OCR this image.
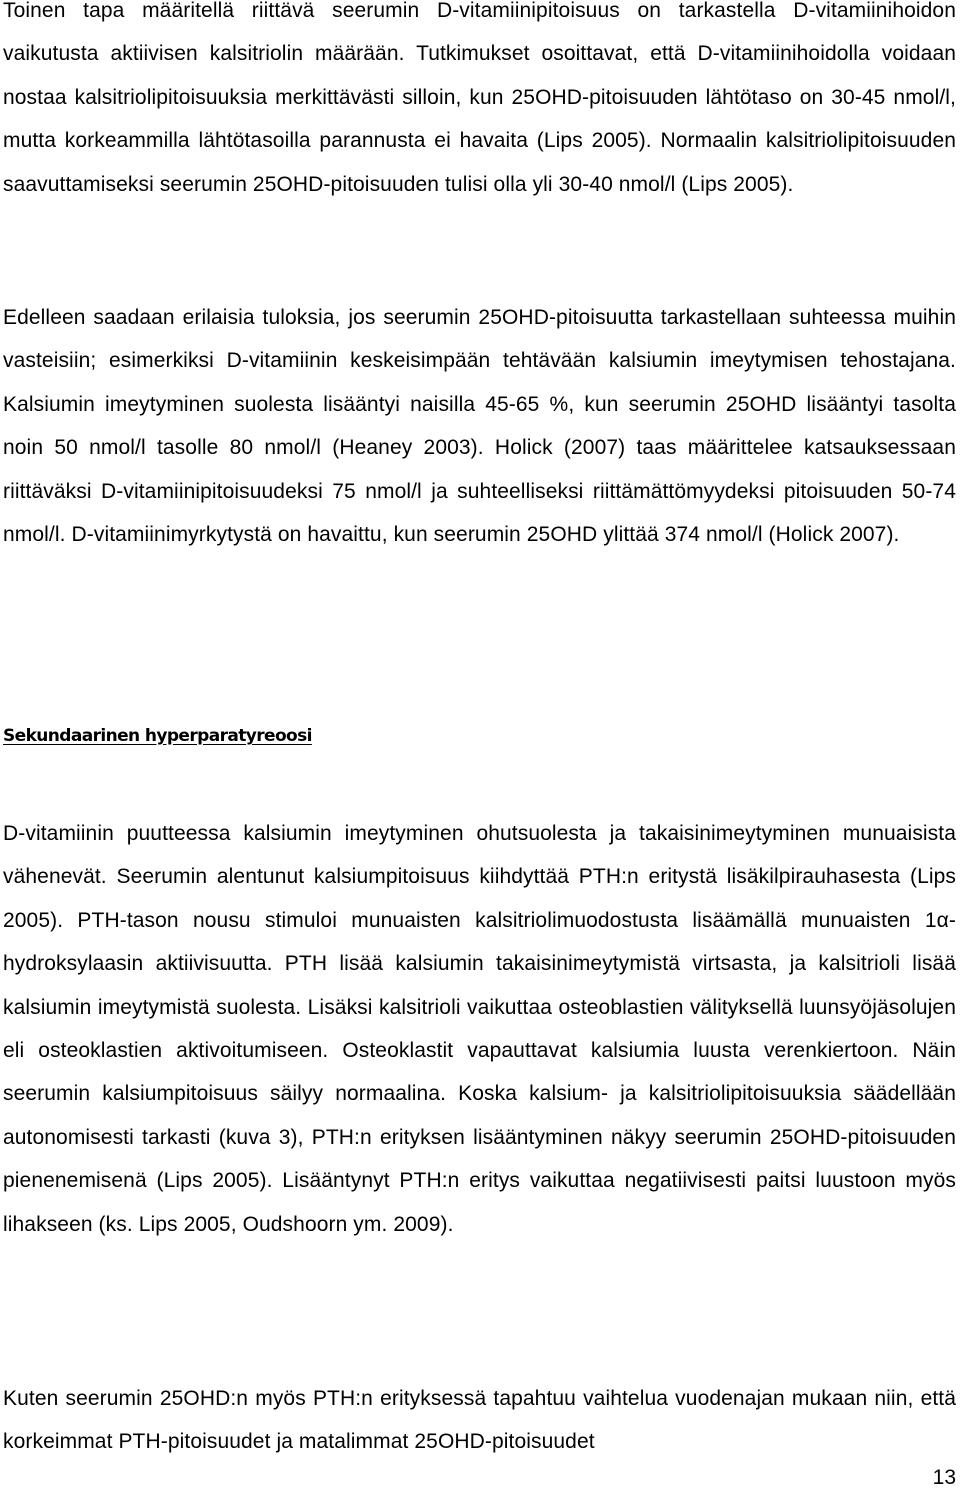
Toinen tapa määritellä riittävä seerumin D-vitamiinipitoisuus on tarkastella D-vitamiinihoidon vaikutusta aktiivisen kalsitriolin määrään. Tutkimukset osoittavat, että D-vitamiinihoidolla voidaan nostaa kalsitriolipitoisuuksia merkittävästi silloin, kun 25OHD-pitoisuuden lähtötaso on 30-45 nmol/l, mutta korkeammilla lähtötasoilla parannusta ei havaita (Lips 2005). Normaalin kalsitriolipitoisuuden saavuttamiseksi seerumin 25OHD-pitoisuuden tulisi olla yli 30-40 nmol/l (Lips 2005).

Edelleen saadaan erilaisia tuloksia, jos seerumin 25OHD-pitoisuutta tarkastellaan suhteessa muihin vasteisiin; esimerkiksi D-vitamiinin keskeisimpään tehtävään kalsiumin imeytymisen tehostajana. Kalsiumin imeytyminen suolesta lisääntyi naisilla 45-65 %, kun seerumin 25OHD lisääntyi tasolta noin 50 nmol/l tasolle 80 nmol/l (Heaney 2003). Holick (2007) taas määrittelee katsauksessaan riittäväksi D-vitamiinipitoisuudeksi 75 nmol/l ja suhteelliseksi riittämättömyydeksi pitoisuuden 50-74 nmol/l. D-vitamiinimyrkytystä on havaittu, kun seerumin 25OHD ylittää 374 nmol/l (Holick 2007).

Sekundaarinen hyperparatyreoosi

D-vitamiinin puutteessa kalsiumin imeytyminen ohutsuolesta ja takaisinimeytyminen munuaisista vähenevät. Seerumin alentunut kalsiumpitoisuus kiihdyttää PTH:n eritystä lisäkilpirauhasesta (Lips 2005). PTH-tason nousu stimuloi munuaisten kalsitriolimuodostusta lisäämällä munuaisten 1α-hydroksylaasin aktiivisuutta. PTH lisää kalsiumin takaisinimeytymistä virtsasta, ja kalsitrioli lisää kalsiumin imeytymistä suolesta. Lisäksi kalsitrioli vaikuttaa osteoblastien välityksellä luunsyöjäsolujen eli osteoklastien aktivoitumiseen. Osteoklastit vapauttavat kalsiumia luusta verenkiertoon. Näin seerumin kalsiumpitoisuus säilyy normaalina. Koska kalsium- ja kalsitriolipitoisuuksia säädellään autonomisesti tarkasti (kuva 3), PTH:n erityksen lisääntyminen näkyy seerumin 25OHD-pitoisuuden pienenemisenä (Lips 2005). Lisääntynyt PTH:n eritys vaikuttaa negatiivisesti paitsi luustoon myös lihakseen (ks. Lips 2005, Oudshoorn ym. 2009).

Kuten seerumin 25OHD:n myös PTH:n erityksessä tapahtuu vaihtelua vuodenajan mukaan niin, että korkeimmat PTH-pitoisuudet ja matalimmat 25OHD-pitoisuudet

13
